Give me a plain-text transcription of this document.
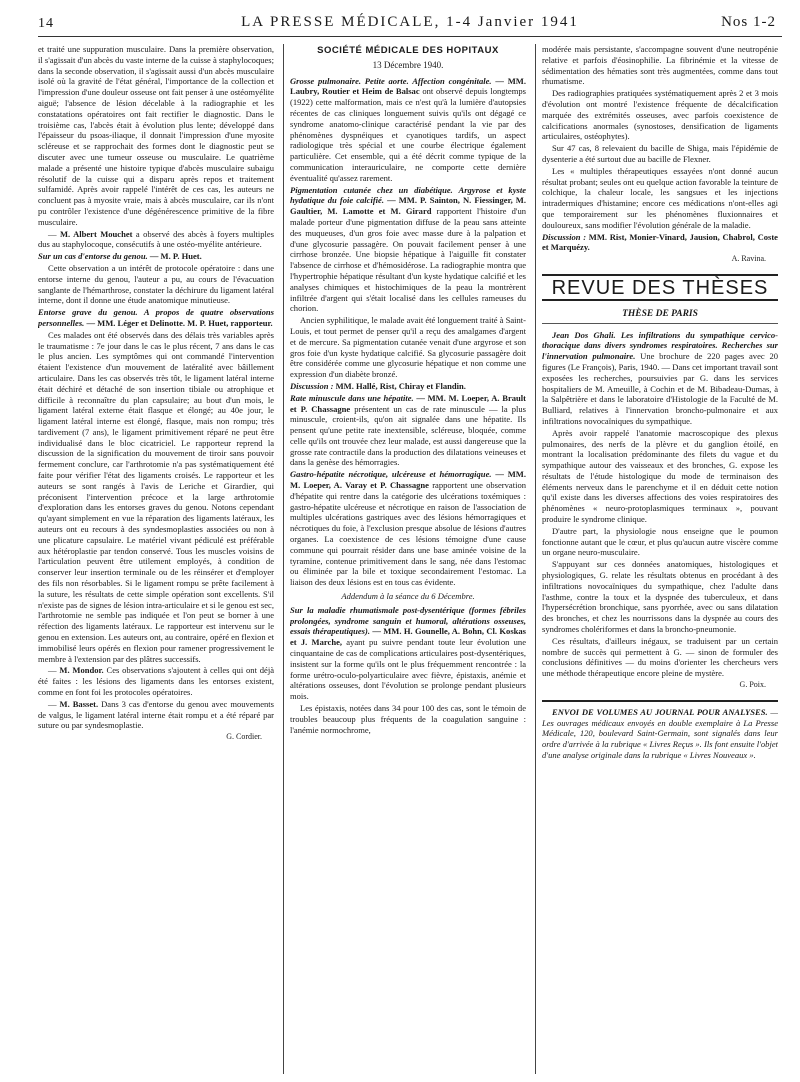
14	LA PRESSE MÉDICALE, 1-4 Janvier 1941	Nos 1-2

et traité une suppuration musculaire. Dans la première observation, il s'agissait d'un abcès du vaste interne de la cuisse à staphylocoques; dans la seconde observation, il s'agissait aussi d'un abcès musculaire isolé où la gravité de l'état général, l'importance de la collection et l'impression d'une douleur osseuse ont fait penser à une ostéomyélite aiguë; l'absence de lésion décelable à la radiographie et les constatations opératoires ont fait rectifier le diagnostic. Dans le troisième cas, l'abcès était à évolution plus lente; développé dans l'épaisseur du psoas-iliaque, il donnait l'impression d'une myosite scléreuse et se rapprochait des formes dont le diagnostic peut se discuter avec une tumeur osseuse ou musculaire. Le quatrième malade a présenté une histoire typique d'abcès musculaire subaigu résolutif de la cuisse qui a disparu après repos et traitement sulfamidé. Après avoir rappelé l'intérêt de ces cas, les auteurs ne concluent pas à myosite vraie, mais à abcès musculaire, car ils n'ont pu contrôler l'existence d'une dégénérescence primitive de la fibre musculaire.

— M. Albert Mouchet a observé des abcès à foyers multiples dus au staphylocoque, consécutifs à une ostéo-myélite antérieure.

Sur un cas d'entorse du genou. — M. P. Huet.

Cette observation a un intérêt de protocole opératoire : dans une entorse interne du genou, l'auteur a pu, au cours de l'évacuation sanglante de l'hémarthrose, constater la déchirure du ligament latéral interne, dont il donne une étude anatomique minutieuse.

Entorse grave du genou. A propos de quatre observations personnelles. — MM. Léger et Delinotte. M. P. Huet, rapporteur.

Ces malades ont été observés dans des délais très variables après le traumatisme : 7e jour dans le cas le plus récent, 7 ans dans le cas le plus ancien. Les symptômes qui ont commandé l'intervention étaient l'existence d'un mouvement de latéralité avec bâillement articulaire. Dans les cas observés très tôt, le ligament latéral interne était déchiré et détaché de son insertion tibiale ou atrophique et difficile à reconnaître du plan capsulaire; au bout d'un mois, le ligament latéral externe était flasque et élongé; au 40e jour, le ligament latéral interne est élongé, flasque, mais non rompu; très tardivement (7 ans), le ligament primitivement réparé ne peut être individualisé dans le bloc cicatriciel. Le rapporteur reprend la discussion de la signification du mouvement de tiroir sans pouvoir fermement conclure, car l'arthrotomie n'a pas systématiquement été faite pour vérifier l'état des ligaments croisés. Le rapporteur et les auteurs se sont rangés à l'avis de Leriche et Girardier, qui préconisent l'intervention précoce et la large arthrotomie d'exploration dans les entorses graves du genou. Notons cependant qu'ayant simplement en vue la réparation des ligaments latéraux, les auteurs ont eu recours à des syndesmoplasties associées ou non à une plicature capsulaire. Le matériel vivant pédiculé est préférable aux hétéroplastie par tendon conservé. Tous les muscles voisins de l'articulation peuvent être utilement employés, à condition de conserver leur insertion terminale ou de les réinsérer et d'employer des fils non résorbables. Si le ligament rompu se prête facilement à la suture, les résultats de cette simple opération sont excellents. S'il n'existe pas de signes de lésion intra-articulaire et si le genou est sec, l'arthrotomie ne semble pas indiquée et l'on peut se borner à une réfection des ligaments latéraux. Le rapporteur est intervenu sur le genou en extension. Les auteurs ont, au contraire, opéré en flexion et immobilisé leurs opérés en flexion pour ramener progressivement le membre à l'extension par des plâtres successifs.

— M. Mondor. Ces observations s'ajoutent à celles qui ont déjà été faites : les lésions des ligaments dans les entorses existent, comme en font foi les protocoles opératoires.

— M. Basset. Dans 3 cas d'entorse du genou avec mouvements de valgus, le ligament latéral interne était rompu et a été réparé par suture ou par syndesmoplastie.

G. Cordier.

SOCIÉTÉ MÉDICALE DES HOPITAUX
13 Décembre 1940.

Grosse pulmonaire. Petite aorte. Affection congénitale. — MM. Laubry, Routier et Heim de Balsac ont observé depuis longtemps (1922) cette malformation, mais ce n'est qu'à la lumière d'autopsies récentes de cas cliniques longuement suivis qu'ils ont dégagé ce syndrome anatomo-clinique caractérisé pendant la vie par des phénomènes dyspnéiques et cyanotiques tardifs, un aspect radiologique très spécial et une courbe électrique également particulière. Cet ensemble, qui a été décrit comme typique de la communication interauriculaire, ne comporte cette dernière éventualité qu'assez rarement.

Pigmentation cutanée chez un diabétique. Argyrose et kyste hydatique du foie calcifié. — MM. P. Sainton, N. Fiessinger, M. Gaultier, M. Lamotte et M. Girard rapportent l'histoire d'un malade porteur d'une pigmentation diffuse de la peau sans atteinte des muqueuses, d'un gros foie avec masse dure à la palpation et d'une glycosurie passagère. On pouvait facilement penser à une cirrhose bronzée. Une biopsie hépatique à l'aiguille fit constater l'absence de cirrhose et d'hémosidérose. La radiographie montra que l'hypertrophie hépatique résultant d'un kyste hydatique calcifié et les analyses chimiques et histochimiques de la peau la montrèrent infiltrée d'argent qui s'était localisé dans les cellules rameuses du chorion.

Ancien syphilitique, le malade avait été longuement traité à Saint-Louis, et tout permet de penser qu'il a reçu des amalgames d'argent et de mercure. Sa pigmentation cutanée venait d'une argyrose et son gros foie d'un kyste hydatique calcifié. Sa glycosurie passagère doit être considérée comme une glycosurie hépatique et non comme une expression d'un diabète bronzé.

Discussion : MM. Hallé, Rist, Chiray et Flandin.

Rate minuscule dans une hépatite. — MM. M. Loeper, A. Brault et P. Chassagne présentent un cas de rate minuscule — la plus minuscule, croient-ils, qu'on ait signalée dans une hépatite. Ils pensent qu'une petite rate inextensible, scléreuse, bloquée, comme celle qu'ils ont trouvée chez leur malade, est aussi dangereuse que la grosse rate contractile dans la production des dilatations veineuses et dans la genèse des hémorragies.

Gastro-hépatite nécrotique, ulcéreuse et hémorragique. — MM. M. Loeper, A. Varay et P. Chassagne rapportent une observation d'hépatite qui rentre dans la catégorie des ulcérations toxémiques : gastro-hépatite ulcéreuse et nécrotique en raison de l'association de multiples ulcérations gastriques avec des lésions hémorragiques et nécrotiques du foie, à l'exclusion presque absolue de lésions d'autres organes. La coexistence de ces lésions témoigne d'une cause commune qui pourrait résider dans une base aminée voisine de la tyramine, contenue primitivement dans le sang, née dans l'estomac ou éliminée par la bile et toxique secondairement l'estomac. La liaison des deux lésions est en tous cas évidente.

Addendum à la séance du 6 Décembre.

Sur la maladie rhumatismale post-dysentérique (formes fébriles prolongées, syndrome sanguin et humoral, altérations osseuses, essais thérapeutiques). — MM. H. Gounelle, A. Bohn, Cl. Koskas et J. Marche, ayant pu suivre pendant toute leur évolution une cinquantaine de cas de complications articulaires post-dysentériques, insistent sur la forme qu'ils ont le plus fréquemment rencontrée : la forme urétro-oculo-polyarticulaire avec fièvre, épistaxis, anémie et altérations osseuses, dont l'évolution se prolonge pendant plusieurs mois.

Les épistaxis, notées dans 34 pour 100 des cas, sont le témoin de troubles beaucoup plus fréquents de la coagulation sanguine : l'anémie normochrome,

modérée mais persistante, s'accompagne souvent d'une neutropénie relative et parfois d'éosinophilie. La fibrinémie et la vitesse de sédimentation des hématies sont très augmentées, comme dans tout rhumatisme.

Des radiographies pratiquées systématiquement après 2 et 3 mois d'évolution ont montré l'existence fréquente de décalcification marquée des extrémités osseuses, avec parfois coexistence de calcifications anormales (synostoses, densification de ligaments articulaires, ostéophytes).

Sur 47 cas, 8 relevaient du bacille de Shiga, mais l'épidémie de dysenterie a été surtout due au bacille de Flexner.

Les « multiples thérapeutiques essayées n'ont donné aucun résultat probant; seules ont eu quelque action favorable la teinture de colchique, la chaleur locale, les sangsues et les injections intradermiques d'histamine; encore ces médications n'ont-elles agi que temporairement sur les phénomènes fluxionnaires et douloureux, sans modifier l'évolution générale de la maladie.

Discussion : MM. Rist, Monier-Vinard, Jausion, Chabrol, Coste et Marquézy.

A. Ravina.

REVUE DES THÈSES
THÈSE DE PARIS

Jean Dos Ghali. Les infiltrations du sympathique cervico-thoracique dans divers syndromes respiratoires. Recherches sur l'innervation pulmonaire. Une brochure de 220 pages avec 20 figures (Le François), Paris, 1940. — Dans cet important travail sont exposées les recherches, poursuivies par G. dans les services hospitaliers de M. Ameuille, à Cochin et de M. Bibadeau-Dumas, à la Salpêtrière et dans le laboratoire d'Histologie de la Faculté de M. Bulliard, relatives à l'innervation broncho-pulmonaire et aux infiltrations novocaïniques du sympathique.

Après avoir rappelé l'anatomie macroscopique des plexus pulmonaires, des nerfs de la plèvre et du ganglion étoilé, en montrant la localisation prédominante des filets du vague et du sympathique autour des vaisseaux et des bronches, G. expose les résultats de l'étude histologique du mode de terminaison des éléments nerveux dans le parenchyme et il en déduit cette notion qu'il existe dans les diverses affections des voies respiratoires des phénomènes « neuro-protoplasmiques terminaux », pouvant produire le syndrome clinique.

D'autre part, la physiologie nous enseigne que le poumon fonctionne autant que le cœur, et plus qu'aucun autre viscère comme un organe neuro-musculaire.

S'appuyant sur ces données anatomiques, histologiques et physiologiques, G. relate les résultats obtenus en procédant à des infiltrations novocaïniques du sympathique, chez l'adulte dans l'asthme, contre la toux et la dyspnée des tuberculeux, et dans l'hypersécrétion bronchique, sans pyorrhée, avec ou sans dilatation des bronches, et chez les nourrissons dans la dyspnée au cours des syndromes cholériformes et dans la broncho-pneumonie.

Ces résultats, d'ailleurs inégaux, se traduisent par un certain nombre de succès qui permettent à G. — sinon de formuler des conclusions définitives — du moins d'orienter les chercheurs vers une méthode thérapeutique encore pleine de mystère.

G. Poix.

ENVOI DE VOLUMES AU JOURNAL POUR ANALYSES. — Les ouvrages médicaux envoyés en double exemplaire à La Presse Médicale, 120, boulevard Saint-Germain, sont signalés dans leur ordre d'arrivée à la rubrique « Livres Reçus ». Ils font ensuite l'objet d'une analyse originale dans la rubrique « Livres Nouveaux ».
